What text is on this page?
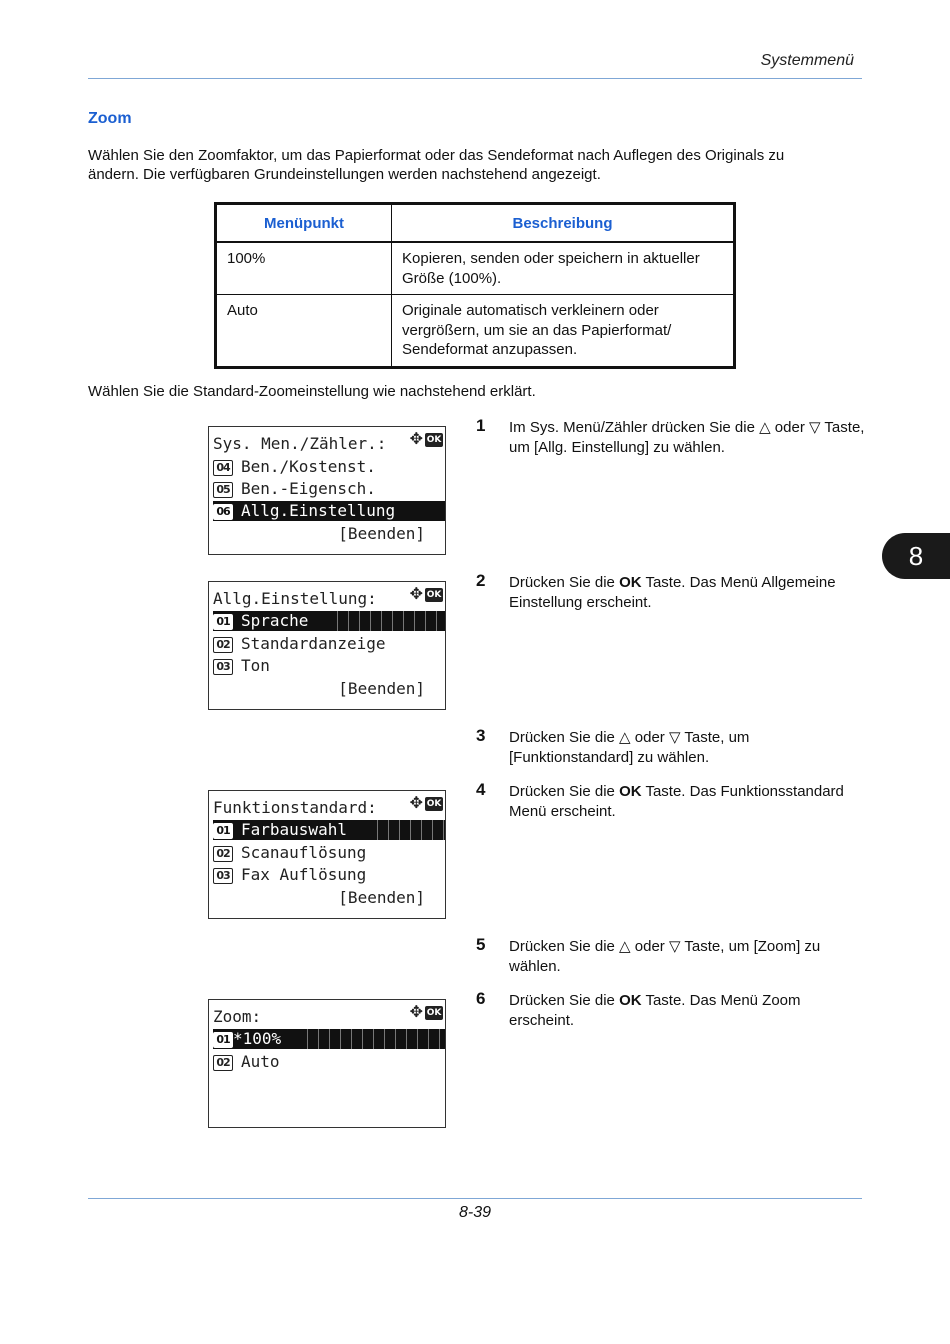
Systemmenü
Zoom

Wählen Sie den Zoomfaktor, um das Papierformat oder das Sendeformat nach Auflegen des Originals zu

ändern. Die verfügbaren Grundeinstellungen werden nachstehend angezeigt.

Menüpunkt	Beschreibung
100%	Kopieren, senden oder speichern in aktueller Größe (100%).
Auto	Originale automatisch verkleinern oder vergrößern, um sie an das Papierformat/ Sendeformat anzupassen.
Wählen Sie die Standard-Zoomeinstellung wie nachstehend erklärt.
Sys. Men./Zähler.:	✥ OK
04 Ben./Kostenst.
05 Ben.-Eigensch.
06 Allg.Einstellung
[Beenden]
Allg.Einstellung:	✥ OK
01 Sprache
02 Standardanzeige
03 Ton
[Beenden]
Funktionstandard:	✥ OK
01 Farbauswahl
02 Scanauflösung
03 Fax Auflösung
[Beenden]
Zoom:	✥ OK
01 *100%
02 Auto
1 Im Sys. Menü/Zähler drücken Sie die △ oder ▽ Taste, um [Allg. Einstellung] zu wählen.
2 Drücken Sie die OK Taste. Das Menü Allgemeine Einstellung erscheint.
3 Drücken Sie die △ oder ▽ Taste, um [Funktionstandard] zu wählen.
4 Drücken Sie die OK Taste. Das Funktionsstandard Menü erscheint.
5 Drücken Sie die △ oder ▽ Taste, um [Zoom] zu wählen.
6 Drücken Sie die OK Taste. Das Menü Zoom erscheint.
8
8-39
